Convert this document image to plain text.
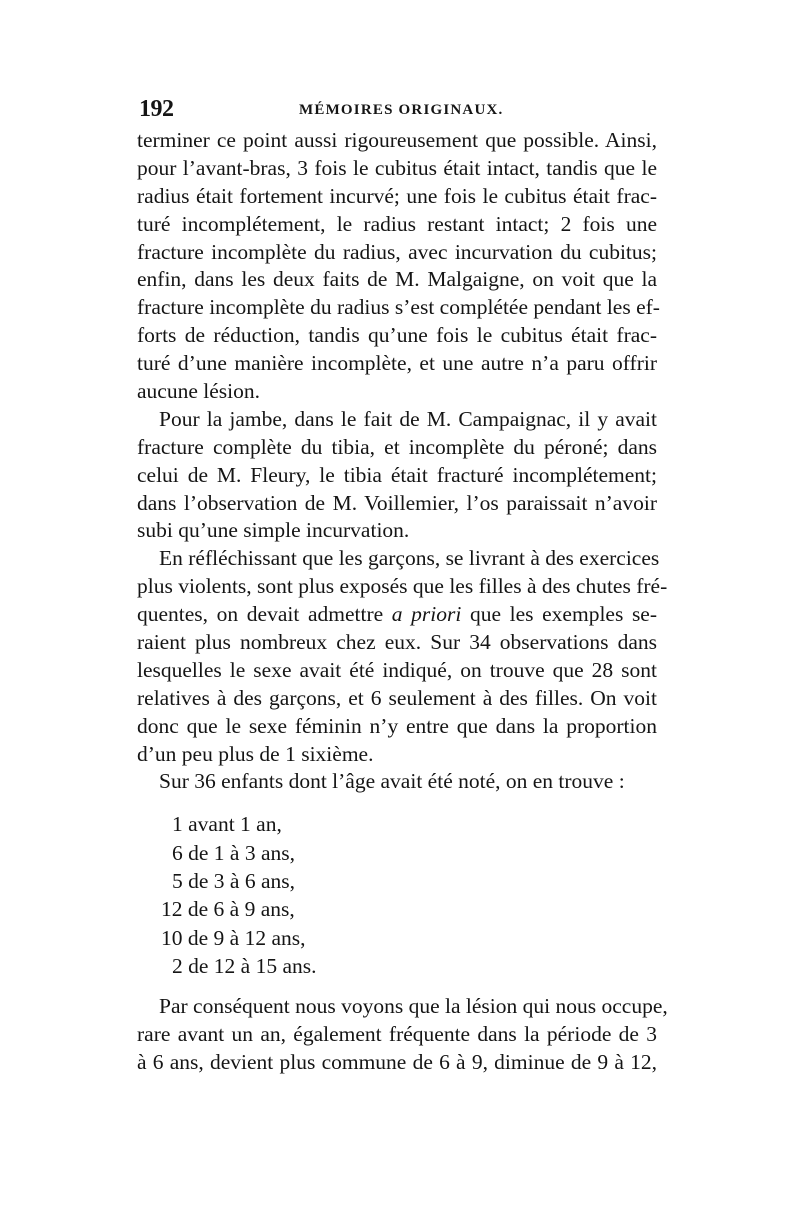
192	MÉMOIRES ORIGINAUX.
terminer ce point aussi rigoureusement que possible. Ainsi,
pour l’avant-bras, 3 fois le cubitus était intact, tandis que le
radius était fortement incurvé; une fois le cubitus était frac-
turé incomplétement, le radius restant intact; 2 fois une
fracture incomplète du radius, avec incurvation du cubitus;
enfin, dans les deux faits de M. Malgaigne, on voit que la
fracture incomplète du radius s’est complétée pendant les ef-
forts de réduction, tandis qu’une fois le cubitus était frac-
turé d’une manière incomplète, et une autre n’a paru offrir
aucune lésion.
Pour la jambe, dans le fait de M. Campaignac, il y avait
fracture complète du tibia, et incomplète du péroné; dans
celui de M. Fleury, le tibia était fracturé incomplétement;
dans l’observation de M. Voillemier, l’os paraissait n’avoir
subi qu’une simple incurvation.
En réfléchissant que les garçons, se livrant à des exercices
plus violents, sont plus exposés que les filles à des chutes fré-
quentes, on devait admettre a priori que les exemples se-
raient plus nombreux chez eux. Sur 34 observations dans
lesquelles le sexe avait été indiqué, on trouve que 28 sont
relatives à des garçons, et 6 seulement à des filles. On voit
donc que le sexe féminin n’y entre que dans la proportion
d’un peu plus de 1 sixième.
Sur 36 enfants dont l’âge avait été noté, on en trouve :
1 avant 1 an,
6 de 1 à 3 ans,
5 de 3 à 6 ans,
12 de 6 à 9 ans,
10 de 9 à 12 ans,
2 de 12 à 15 ans.
Par conséquent nous voyons que la lésion qui nous occupe,
rare avant un an, également fréquente dans la période de 3
à 6 ans, devient plus commune de 6 à 9, diminue de 9 à 12,
